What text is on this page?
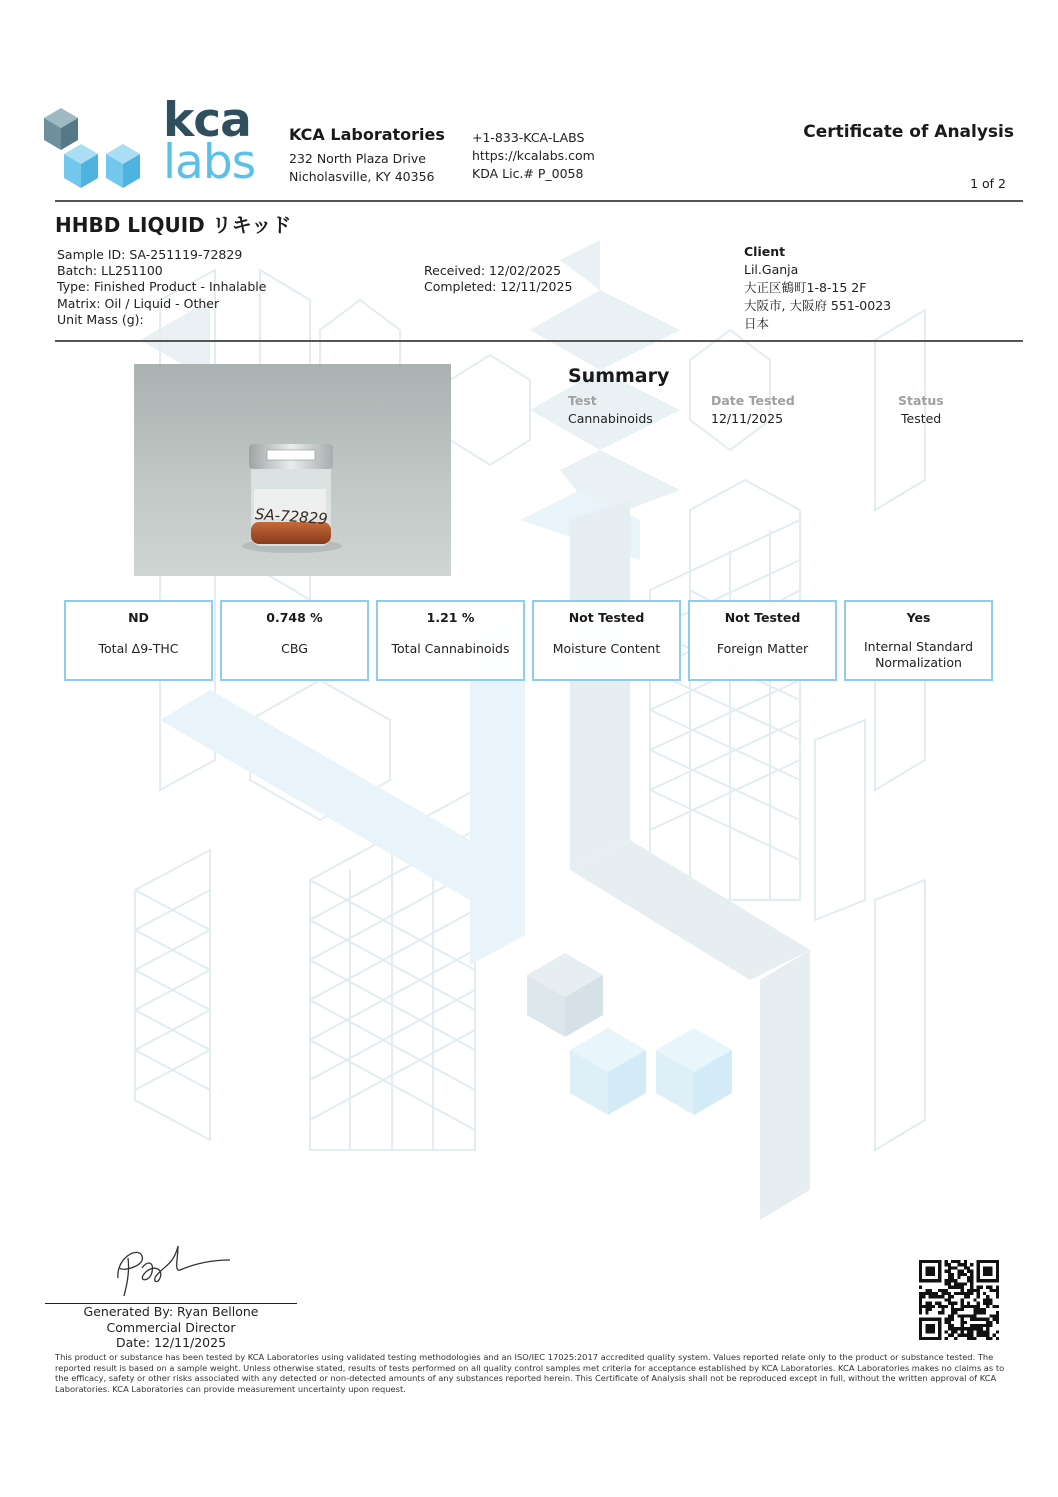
kca
labs
KCA Laboratories
232 North Plaza Drive
Nicholasville, KY 40356
+1-833-KCA-LABS
https://kcalabs.com
KDA Lic.# P_0058
Certificate of Analysis
1 of 2
HHBD LIQUID リキッド
Sample ID: SA-251119-72829
Batch: LL251100
Type: Finished Product - Inhalable
Matrix: Oil / Liquid - Other
Unit Mass (g):
Received: 12/02/2025
Completed: 12/11/2025
Client
Lil.Ganja
大正区鶴町1-8-15 2F
大阪市, 大阪府 551-0023
日本
SA-72829
Summary
Test	Date Tested	Status
Cannabinoids	12/11/2025	Tested
ND
Total Δ9-THC
0.748 %
CBG
1.21 %
Total Cannabinoids
Not Tested
Moisture Content
Not Tested
Foreign Matter
Yes
Internal Standard Normalization
Generated By: Ryan Bellone
Commercial Director
Date: 12/11/2025
This product or substance has been tested by KCA Laboratories using validated testing methodologies and an ISO/IEC 17025:2017 accredited quality system. Values reported relate only to the product or substance tested. The reported result is based on a sample weight. Unless otherwise stated, results of tests performed on all quality control samples met criteria for acceptance established by KCA Laboratories. KCA Laboratories makes no claims as to the efficacy, safety or other risks associated with any detected or non-detected amounts of any substances reported herein. This Certificate of Analysis shall not be reproduced except in full, without the written approval of KCA Laboratories. KCA Laboratories can provide measurement uncertainty upon request.
